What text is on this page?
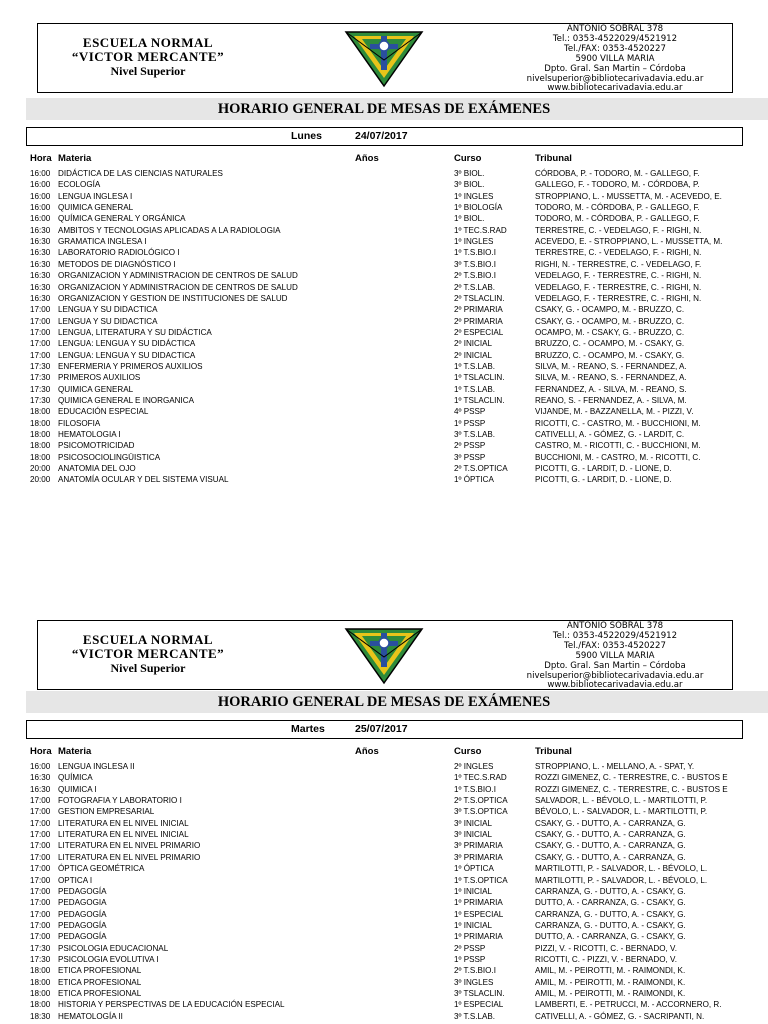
ESCUELA NORMAL
“VICTOR MERCANTE”
Nivel Superior
ANTONIO SOBRAL 378
Tel.: 0353-4522029/4521912
Tel./FAX: 0353-4520227
5900 VILLA MARIA
Dpto. Gral. San Martin – Córdoba
nivelsuperior@bibliotecarivadavia.edu.ar
www.bibliotecarivadavia.edu.ar
HORARIO GENERAL DE MESAS DE EXÁMENES
Lunes	24/07/2017
Hora Materia	Años	Curso	Tribunal
16:00 DIDÁCTICA DE LAS CIENCIAS NATURALES	3º BIOL.	CÓRDOBA, P. - TODORO, M. - GALLEGO, F.
16:00 ECOLOGÍA	3º BIOL.	GALLEGO, F. - TODORO, M. - CÓRDOBA, P.
16:00 LENGUA INGLESA I	1º INGLES	STROPPIANO, L. - MUSSETTA, M. - ACEVEDO, E.
16:00 QUIMICA GENERAL	1º BIOLOGÍA	TODORO, M. - CÓRDOBA, P. - GALLEGO, F.
16:00 QUÍMICA GENERAL Y ORGÁNICA	1º BIOL.	TODORO, M. - CÓRDOBA, P. - GALLEGO, F.
16:30 AMBITOS Y TECNOLOGIAS APLICADAS A LA RADIOLOGIA	1º TEC.S.RAD	TERRESTRE, C. - VEDELAGO, F. - RIGHI, N.
16:30 GRAMATICA INGLESA I	1º INGLES	ACEVEDO, E. - STROPPIANO, L. - MUSSETTA, M.
16:30 LABORATORIO RADIOLÓGICO I	1º T.S.BIO.I	TERRESTRE, C. - VEDELAGO, F. - RIGHI, N.
16:30 METODOS DE DIAGNÓSTICO I	3º T.S.BIO.I	RIGHI, N. - TERRESTRE, C. - VEDELAGO, F.
16:30 ORGANIZACION Y ADMINISTRACION DE CENTROS DE SALUD	2º T.S.BIO.I	VEDELAGO, F. - TERRESTRE, C. - RIGHI, N.
16:30 ORGANIZACION Y ADMINISTRACION DE CENTROS DE SALUD	2º T.S.LAB.	VEDELAGO, F. - TERRESTRE, C. - RIGHI, N.
16:30 ORGANIZACION Y GESTION DE INSTITUCIONES DE SALUD	2º TSLACLIN.	VEDELAGO, F. - TERRESTRE, C. - RIGHI, N.
17:00 LENGUA Y SU DIDACTICA	2º PRIMARIA	CSAKY, G. - OCAMPO, M. - BRUZZO, C.
17:00 LENGUA Y SU DIDACTICA	2º PRIMARIA	CSAKY, G. - OCAMPO, M. - BRUZZO, C.
17:00 LENGUA, LITERATURA Y SU DIDÁCTICA	2º ESPECIAL	OCAMPO, M. - CSAKY, G. - BRUZZO, C.
17:00 LENGUA: LENGUA Y SU DIDÁCTICA	2º INICIAL	BRUZZO, C. - OCAMPO, M. - CSAKY, G.
17:00 LENGUA: LENGUA Y SU DIDACTICA	2º INICIAL	BRUZZO, C. - OCAMPO, M. - CSAKY, G.
17:30 ENFERMERIA Y PRIMEROS AUXILIOS	1º T.S.LAB.	SILVA, M. - REANO, S. - FERNANDEZ, A.
17:30 PRIMEROS AUXILIOS	1º TSLACLIN.	SILVA, M. - REANO, S. - FERNANDEZ, A.
17:30 QUIMICA GENERAL	1º T.S.LAB.	FERNANDEZ, A. - SILVA, M. - REANO, S.
17:30 QUIMICA GENERAL E INORGANICA	1º TSLACLIN.	REANO, S. - FERNANDEZ, A. - SILVA, M.
18:00 EDUCACIÓN ESPECIAL	4º PSSP	VIJANDE, M. - BAZZANELLA, M. - PIZZI, V.
18:00 FILOSOFIA	1º PSSP	RICOTTI, C. - CASTRO, M. - BUCCHIONI, M.
18:00 HEMATOLOGIA I	3º T.S.LAB.	CATIVELLI, A. - GÓMEZ, G. - LARDIT, C.
18:00 PSICOMOTRICIDAD	2º PSSP	CASTRO, M. - RICOTTI, C. - BUCCHIONI, M.
18:00 PSICOSOCIOLINGÜISTICA	3º PSSP	BUCCHIONI, M. - CASTRO, M. - RICOTTI, C.
20:00 ANATOMIA DEL OJO	2º T.S.OPTICA	PICOTTI, G. - LARDIT, D. - LIONE, D.
20:00 ANATOMÍA OCULAR Y DEL SISTEMA VISUAL	1º ÓPTICA	PICOTTI, G. - LARDIT, D. - LIONE, D.
ESCUELA NORMAL
“VICTOR MERCANTE”
Nivel Superior
ANTONIO SOBRAL 378
Tel.: 0353-4522029/4521912
Tel./FAX: 0353-4520227
5900 VILLA MARIA
Dpto. Gral. San Martin – Córdoba
nivelsuperior@bibliotecarivadavia.edu.ar
www.bibliotecarivadavia.edu.ar
HORARIO GENERAL DE MESAS DE EXÁMENES
Martes	25/07/2017
Hora Materia	Años	Curso	Tribunal
16:00 LENGUA INGLESA II	2º INGLES	STROPPIANO, L. - MELLANO, A. - SPAT, Y.
16:30 QUÍMICA	1º TEC.S.RAD	ROZZI GIMENEZ, C. - TERRESTRE, C. - BUSTOS E
16:30 QUIMICA I	1º T.S.BIO.I	ROZZI GIMENEZ, C. - TERRESTRE, C. - BUSTOS E
17:00 FOTOGRAFIA Y LABORATORIO I	2º T.S.OPTICA	SALVADOR, L. - BÉVOLO, L. - MARTILOTTI, P.
17:00 GESTION EMPRESARIAL	3º T.S.OPTICA	BÉVOLO, L. - SALVADOR, L. - MARTILOTTI, P.
17:00 LITERATURA EN EL NIVEL INICIAL	3º INICIAL	CSAKY, G. - DUTTO, A. - CARRANZA, G.
17:00 LITERATURA EN EL NIVEL INICIAL	3º INICIAL	CSAKY, G. - DUTTO, A. - CARRANZA, G.
17:00 LITERATURA EN EL NIVEL PRIMARIO	3º PRIMARIA	CSAKY, G. - DUTTO, A. - CARRANZA, G.
17:00 LITERATURA EN EL NIVEL PRIMARIO	3º PRIMARIA	CSAKY, G. - DUTTO, A. - CARRANZA, G.
17:00 ÓPTICA GEOMÉTRICA	1º ÓPTICA	MARTILOTTI, P. - SALVADOR, L. - BÉVOLO, L.
17:00 OPTICA I	1º T.S.OPTICA	MARTILOTTI, P. - SALVADOR, L. - BÉVOLO, L.
17:00 PEDAGOGÍA	1º INICIAL	CARRANZA, G. - DUTTO, A. - CSAKY, G.
17:00 PEDAGOGIA	1º PRIMARIA	DUTTO, A. - CARRANZA, G. - CSAKY, G.
17:00 PEDAGOGÍA	1º ESPECIAL	CARRANZA, G. - DUTTO, A. - CSAKY, G.
17:00 PEDAGOGÍA	1º INICIAL	CARRANZA, G. - DUTTO, A. - CSAKY, G.
17:00 PEDAGOGÍA	1º PRIMARIA	DUTTO, A. - CARRANZA, G. - CSAKY, G.
17:30 PSICOLOGIA EDUCACIONAL	2º PSSP	PIZZI, V. - RICOTTI, C. - BERNADO, V.
17:30 PSICOLOGIA EVOLUTIVA I	1º PSSP	RICOTTI, C. - PIZZI, V. - BERNADO, V.
18:00 ETICA PROFESIONAL	2º T.S.BIO.I	AMIL, M. - PEIROTTI, M. - RAIMONDI, K.
18:00 ETICA PROFESIONAL	3º INGLES	AMIL, M. - PEIROTTI, M. - RAIMONDI, K.
18:00 ETICA PROFESIONAL	3º TSLACLIN.	AMIL, M. - PEIROTTI, M. - RAIMONDI, K.
18:00 HISTORIA Y PERSPECTIVAS DE LA EDUCACIÓN ESPECIAL	1º ESPECIAL	LAMBERTI, E. - PETRUCCI, M. - ACCORNERO, R.
18:30 HEMATOLOGÍA II	3º T.S.LAB.	CATIVELLI, A. - GÓMEZ, G. - SACRIPANTI, N.
